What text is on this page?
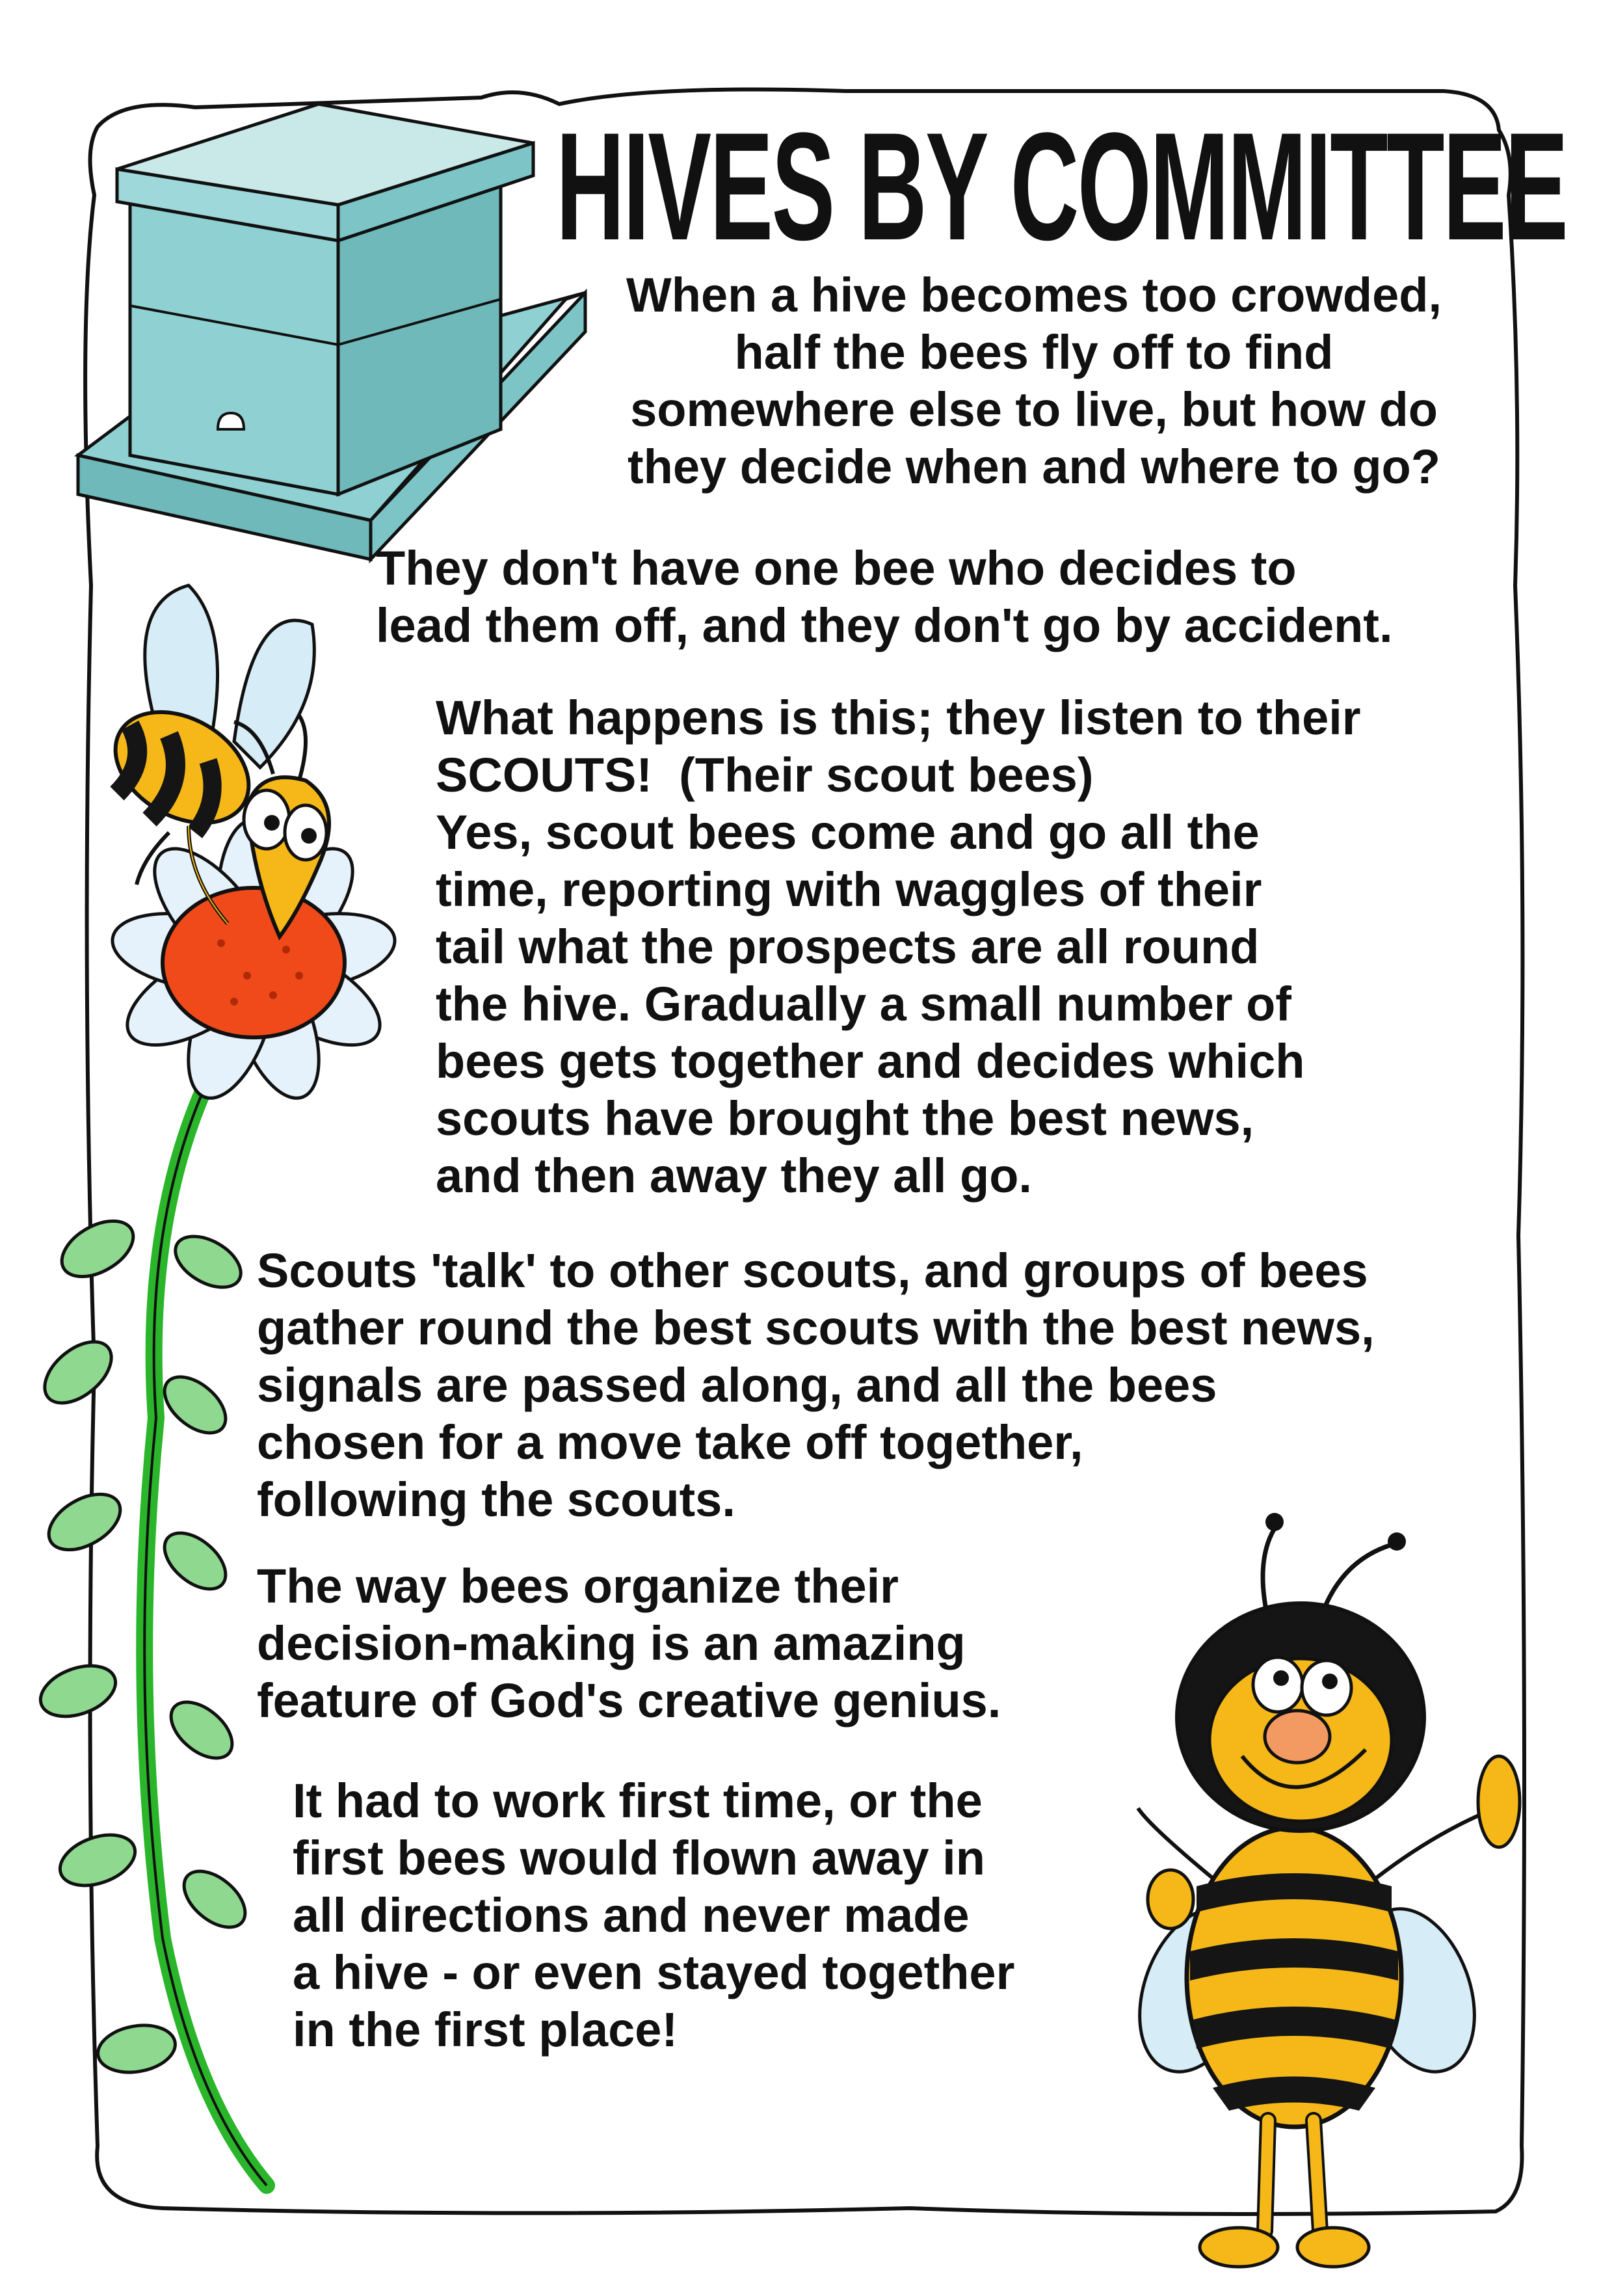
HIVES BY COMMITTEE
When a hive becomes too crowded,
half the bees fly off to find
somewhere else to live, but how do
they decide when and where to go?
They don't have one bee who decides to
lead them off, and they don't go by accident.
What happens is this; they listen to their
SCOUTS!  (Their scout bees)
Yes, scout bees come and go all the
time, reporting with waggles of their
tail what the prospects are all round
the hive. Gradually a small number of
bees gets together and decides which
scouts have brought the best news,
and then away they all go.
Scouts 'talk' to other scouts, and groups of bees
gather round the best scouts with the best news,
signals are passed along, and all the bees
chosen for a move take off together,
following the scouts.
The way bees organize their
decision-making is an amazing
feature of God's creative genius.
It had to work first time, or the
first bees would flown away in
all directions and never made
a hive - or even stayed together
in the first place!
